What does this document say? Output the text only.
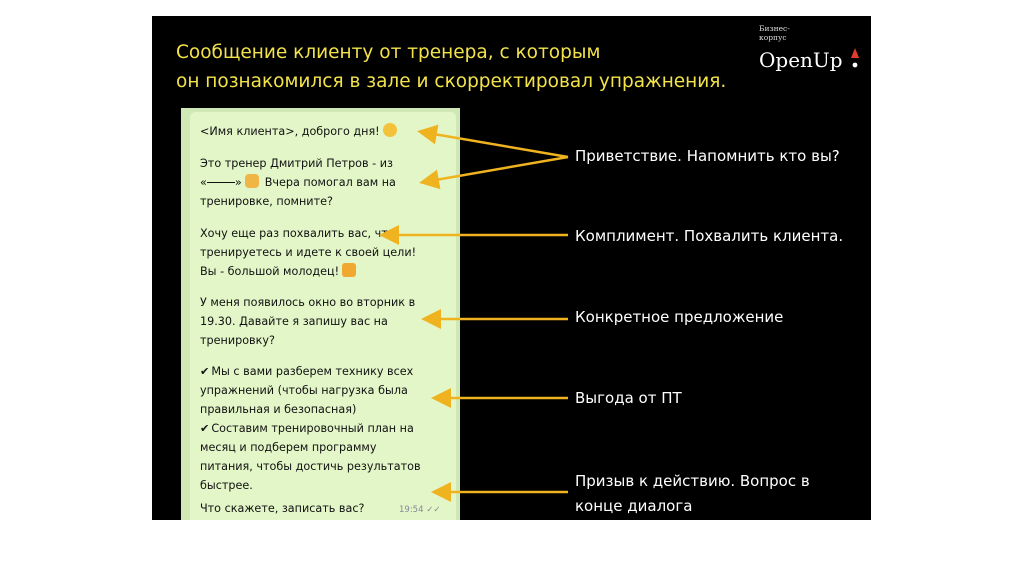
Сообщение клиенту от тренера, с которым
он познакомился в зале и скорректировал упражнения.
Бизнес-
корпус
OpenUp
<Имя клиента>, доброго дня!
Это тренер Дмитрий Петров - из
«	» Вчера помогал вам на
тренировке, помните?
Хочу еще раз похвалить вас, что
тренируетесь и идете к своей цели!
Вы - большой молодец!
У меня появилось окно во вторник в
19.30. Давайте я запишу вас на
тренировку?
✔ Мы с вами разберем технику всех
упражнений (чтобы нагрузка была
правильная и безопасная)
✔ Составим тренировочный план на
месяц и подберем программу
питания, чтобы достичь результатов
быстрее.
Что скажете, записать вас?	19:54 ✓✓
Приветствие. Напомнить кто вы?
Комплимент. Похвалить клиента.
Конкретное предложение
Выгода от ПТ
Призыв к действию. Вопрос в
конце диалога
